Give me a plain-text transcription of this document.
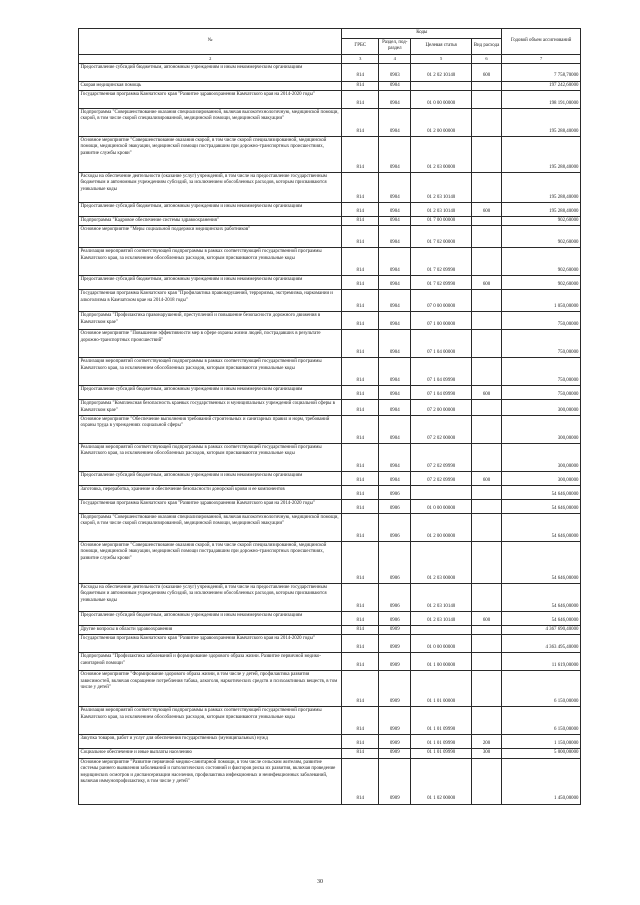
№	Коды				Годовой объем ассигнований
	ГРБС	Раздел, под-раздел	Целевая статья	Вид расхода	
2	3	4	5	6	7
Предоставление субсидий бюджетным, автономным учреждениям и иным некоммерческим организациям	814	0903	01 2 02 10140	600	7 758,70000
Скорая медицинская помощь	814	0904			197 242,60000
Государственная программа Камчатского края "Развитие здравоохранения Камчатского края на 2014-2020 годы"	814	0904	01 0 00 00000		198 191,00000
Подпрограмма "Совершенствование оказания специализированной, включая высокотехнологичную, медицинской помощи, скорой, в том числе скорой специализированной, медицинской помощи, медицинской эвакуации"	814	0904	01 2 00 00000		195 288,40000
Основное мероприятие "Совершенствование оказания скорой, в том числе скорой специализированной, медицинской помощи, медицинской эвакуации, медицинской помощи пострадавшим при дорожно-транспортных происшествиях, развитие службы крови"	814	0904	01 2 03 00000		195 288,40000
Расходы на обеспечение деятельности (оказание услуг) учреждений, в том числе на предоставление государственным бюджетным и автономным учреждениям субсидий, за исключением обособленных расходов, которым присваиваются уникальные коды	814	0904	01 2 03 10140		195 288,40000
Предоставление субсидий бюджетным, автономным учреждениям и иным некоммерческим организациям	814	0904	01 2 03 10140	600	195 288,40000
Подпрограмма "Кадровое обеспечение системы здравоохранения"	814	0904	01 7 00 00000		902,60000
Основное мероприятие "Меры социальной поддержки медицинских работников"	814	0904	01 7 02 00000		902,60000
Реализация мероприятий соответствующей подпрограммы в рамках соответствующей государственной программы Камчатского края, за исключением обособленных расходов, которым присваиваются уникальные коды	814	0904	01 7 02 09990		902,60000
Предоставление субсидий бюджетным, автономным учреждениям и иным некоммерческим организациям	814	0904	01 7 02 09990	600	902,60000
Государственная программа Камчатского края "Профилактика правонарушений, терроризма, экстремизма, наркомании и алкоголизма в Камчатском крае на 2014-2018 годы"	814	0904	07 0 00 00000		1 050,00000
Подпрограмма "Профилактика правонарушений, преступлений и повышение безопасности дорожного движения в Камчатском крае"	814	0904	07 1 00 00000		750,00000
Основное мероприятие "Повышение эффективности мер в сфере охраны жизни людей, пострадавших в результате дорожно-транспортных происшествий"	814	0904	07 1 04 00000		750,00000
Реализация мероприятий соответствующей подпрограммы в рамках соответствующей государственной программы Камчатского края, за исключением обособленных расходов, которым присваиваются уникальные коды	814	0904	07 1 04 09990		750,00000
Предоставление субсидий бюджетным, автономным учреждениям и иным некоммерческим организациям	814	0904	07 1 04 09990	600	750,00000
Подпрограмма "Комплексная безопасность краевых государственных и муниципальных учреждений социальной сферы в Камчатском крае"	814	0904	07 2 00 00000		300,00000
Основное мероприятие "Обеспечение выполнения требований строительных и санитарных правил и норм, требований охраны труда в учреждениях социальной сферы"	814	0904	07 2 02 00000		300,00000
Реализация мероприятий соответствующей подпрограммы в рамках соответствующей государственной программы Камчатского края, за исключением обособленных расходов, которым присваиваются уникальные коды	814	0904	07 2 02 09990		300,00000
Предоставление субсидий бюджетным, автономным учреждениям и иным некоммерческим организациям	814	0904	07 2 02 09990	600	300,00000
Заготовка, переработка, хранение и обеспечение безопасности донорской крови и ее компонентов	814	0906			54 646,00000
Государственная программа Камчатского края "Развитие здравоохранения Камчатского края на 2014-2020 годы"	814	0906	01 0 00 00000		54 646,00000
Подпрограмма "Совершенствование оказания специализированной, включая высокотехнологичную, медицинской помощи, скорой, в том числе скорой специализированной, медицинской помощи, медицинской эвакуации"	814	0906	01 2 00 00000		54 646,00000
Основное мероприятие "Совершенствование оказания скорой, в том числе скорой специализированной, медицинской помощи, медицинской эвакуации, медицинской помощи пострадавшим при дорожно-транспортных происшествиях, развитие службы крови"	814	0906	01 2 03 00000		54 646,00000
Расходы на обеспечение деятельности (оказание услуг) учреждений, в том числе на предоставление государственным бюджетным и автономным учреждениям субсидий, за исключением обособленных расходов, которым присваиваются уникальные коды	814	0906	01 2 03 10140		54 646,00000
Предоставление субсидий бюджетным, автономным учреждениям и иным некоммерческим организациям	814	0906	01 2 03 10140	600	54 646,00000
Другие вопросы в области здравоохранения	814	0909			4 367 690,40000
Государственная программа Камчатского края "Развитие здравоохранения Камчатского края на 2014-2020 годы"	814	0909	01 0 00 00000		4 363 495,40000
Подпрограмма "Профилактика заболеваний и формирование здорового образа жизни. Развитие первичной медико-санитарной помощи"	814	0909	01 1 00 00000		11 619,00000
Основное мероприятие "Формирование здорового образа жизни, в том числе у детей, профилактика развития зависимостей, включая сокращение потребления табака, алкоголя, наркотических средств и психоактивных веществ, в том числе у детей"	814	0909	01 1 01 00000		6 150,00000
Реализация мероприятий соответствующей подпрограммы в рамках соответствующей государственной программы Камчатского края, за исключением обособленных расходов, которым присваиваются уникальные коды	814	0909	01 1 01 09990		6 150,00000
Закупка товаров, работ и услуг для обеспечения государственных (муниципальных) нужд	814	0909	01 1 01 09990	200	1 150,00000
Социальное обеспечение и иные выплаты населению	814	0909	01 1 01 09990	300	5 000,00000
Основное мероприятие "Развитие первичной медико-санитарной помощи, в том числе сельским жителям, развитие системы раннего выявления заболеваний и патологических состояний и факторов риска их развития, включая проведение медицинских осмотров и диспансеризации населения, профилактика инфекционных и неинфекционных заболеваний, включая иммунопрофилактику, в том числе у детей"	814	0909	01 1 02 00000		1 450,00000
30
